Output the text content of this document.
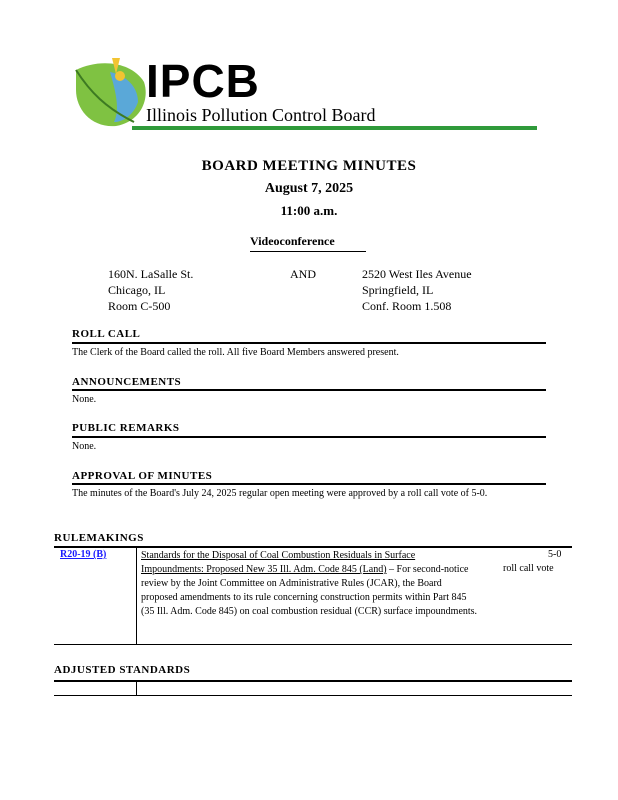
IPCB
Illinois Pollution Control Board
BOARD MEETING MINUTES
August 7, 2025
11:00 a.m.
Videoconference
160N. LaSalle St.
Chicago, IL
Room C-500
AND	2520 West Iles Avenue
Springfield, IL
Conf. Room 1.508
ROLL CALL
The Clerk of the Board called the roll. All five Board Members answered present.
ANNOUNCEMENTS
None.
PUBLIC REMARKS
None.
APPROVAL OF MINUTES
The minutes of the Board's July 24, 2025 regular open meeting were approved by a roll call vote of 5-0.
RULEMAKINGS
R20-19 (B)	Standards for the Disposal of Coal Combustion Residuals in Surface Impoundments: Proposed New 35 Ill. Adm. Code 845 (Land) – For second-notice review by the Joint Committee on Administrative Rules (JCAR), the Board proposed amendments to its rule concerning construction permits within Part 845 (35 Ill. Adm. Code 845) on coal combustion residual (CCR) surface impoundments.
5-0
roll call vote
ADJUSTED STANDARDS
